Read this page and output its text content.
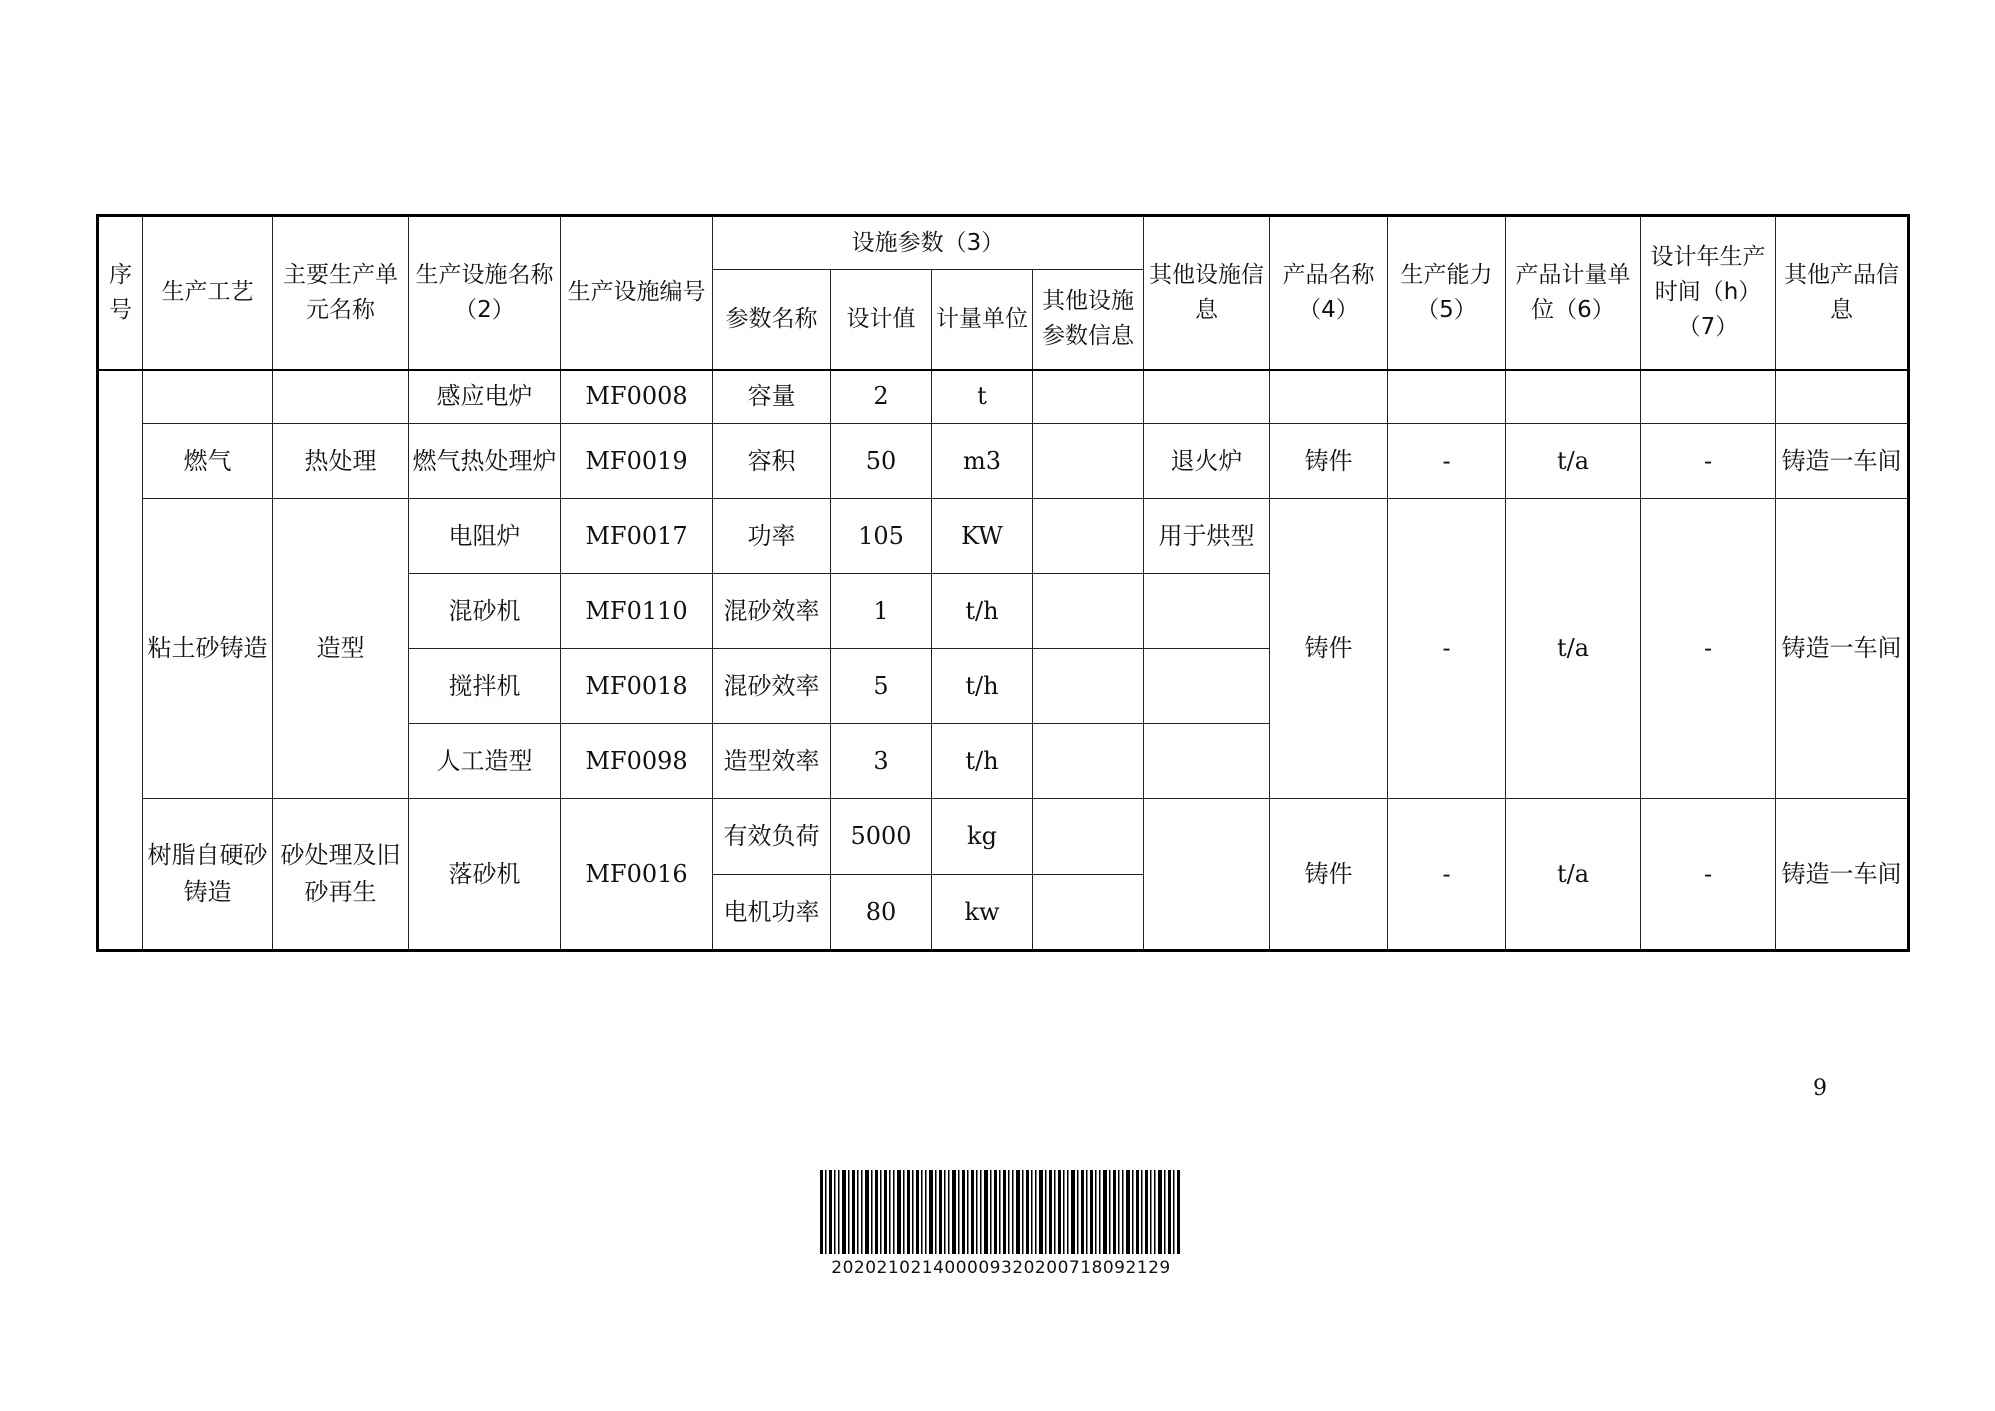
序号	生产工艺	主要生产单元名称	生产设施名称（2）	生产设施编号	设施参数（3）				其他设施信息	产品名称（4）	生产能力（5）	产品计量单位（6）	设计年生产时间（h）（7）	其他产品信息
					参数名称	设计值	计量单位	其他设施参数信息						
			感应电炉	MF0008	容量	2	t							
	燃气	热处理	燃气热处理炉	MF0019	容积	50	m3		退火炉	铸件	-	t/a	-	铸造一车间
	粘土砂铸造	造型	电阻炉	MF0017	功率	105	KW		用于烘型	铸件	-	t/a	-	铸造一车间
			混砂机	MF0110	混砂效率	1	t/h							
			搅拌机	MF0018	混砂效率	5	t/h							
			人工造型	MF0098	造型效率	3	t/h							
	树脂自硬砂铸造	砂处理及旧砂再生	落砂机	MF0016	有效负荷	5000	kg			铸件	-	t/a	-	铸造一车间
					电机功率	80	kw							
9
20202102140000932020071809212​9
